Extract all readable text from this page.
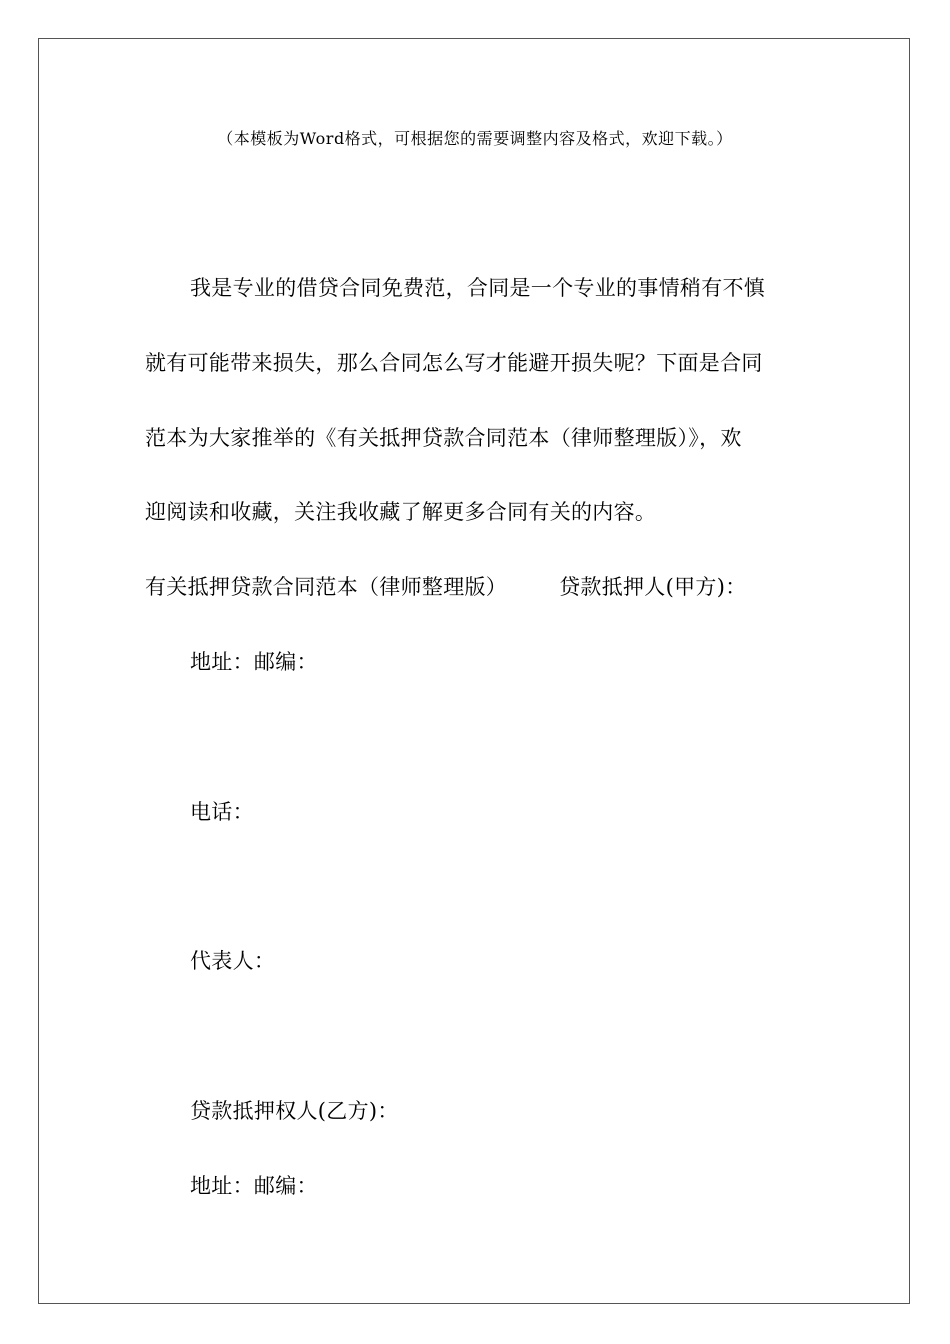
（本模板为Word格式，可根据您的需要调整内容及格式，欢迎下载。）
我是专业的借贷合同免费范，合同是一个专业的事情稍有不慎
就有可能带来损失，那么合同怎么写才能避开损失呢？下面是合同
范本为大家推举的《有关抵押贷款合同范本（律师整理版）》，欢
迎阅读和收藏，关注我收藏了解更多合同有关的内容。
有关抵押贷款合同范本（律师整理版） 贷款抵押人(甲方)：
地址：邮编：
电话：
代表人：
贷款抵押权人(乙方)：
地址：邮编：
